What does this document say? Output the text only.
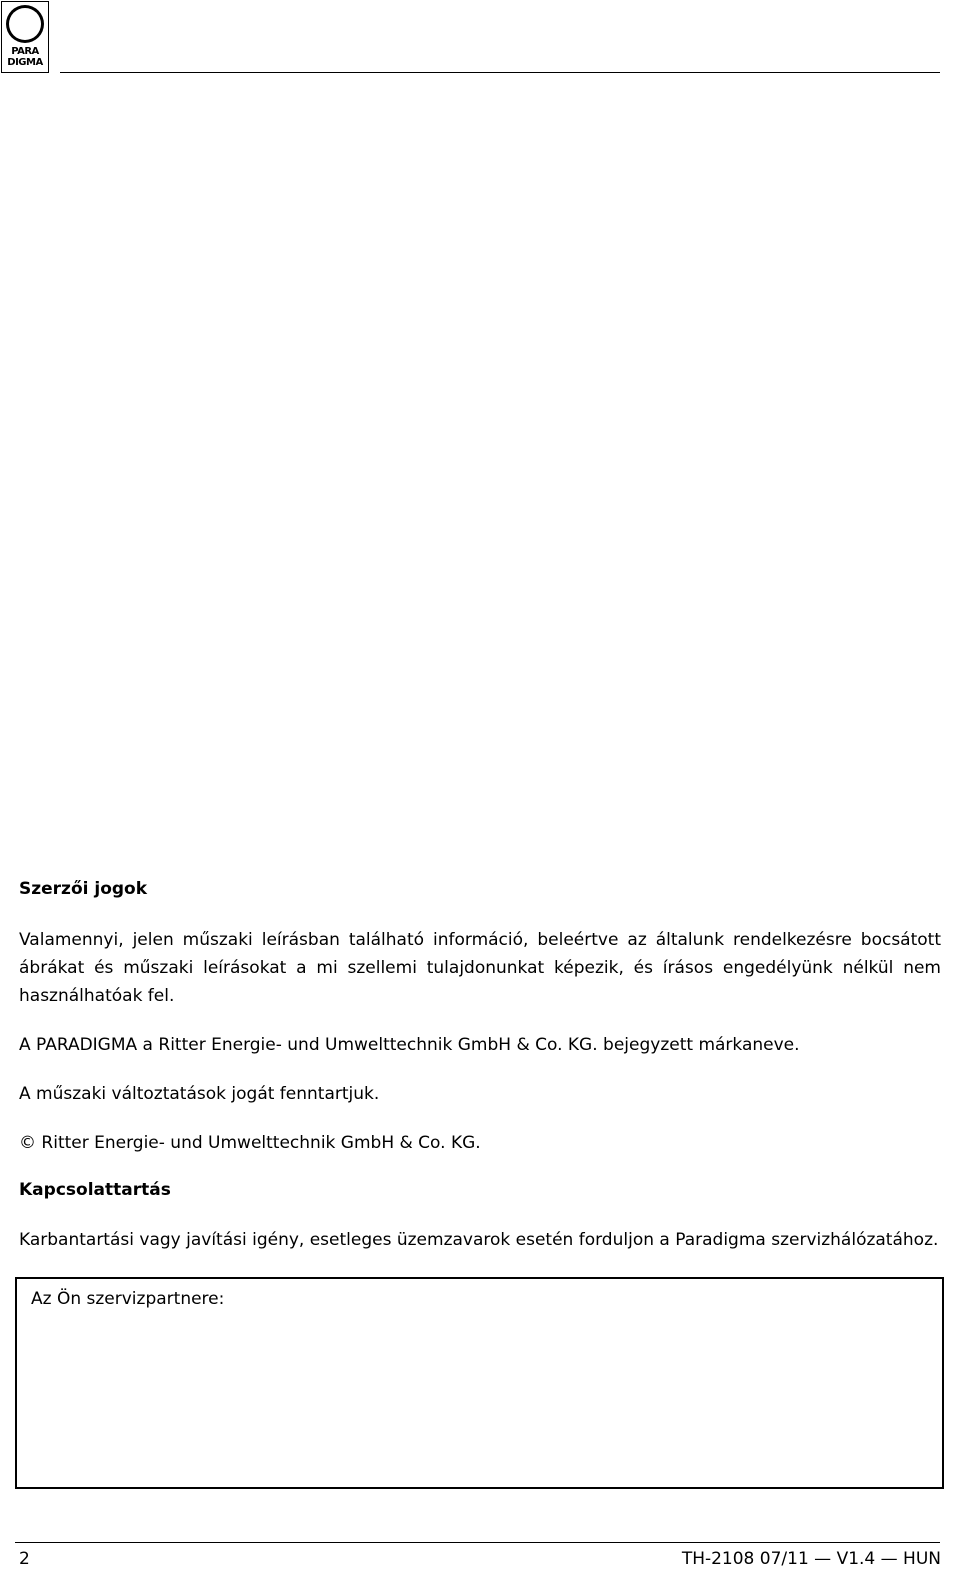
PARA
DIGMA
Szerzői jogok

Valamennyi, jelen műszaki leírásban található információ, beleértve az általunk rendelkezésre bocsátott ábrákat és műszaki leírásokat a mi szellemi tulajdonunkat képezik, és írásos engedélyünk nélkül nem használhatóak fel.

A PARADIGMA a Ritter Energie- und Umwelttechnik GmbH & Co. KG. bejegyzett márkaneve.

A műszaki változtatások jogát fenntartjuk.

© Ritter Energie- und Umwelttechnik GmbH & Co. KG.

Kapcsolattartás

Karbantartási vagy javítási igény, esetleges üzemzavarok esetén forduljon a Paradigma szervizhálózatához.

Az Ön szervizpartnere:
2	TH-2108 07/11 — V1.4 — HUN
